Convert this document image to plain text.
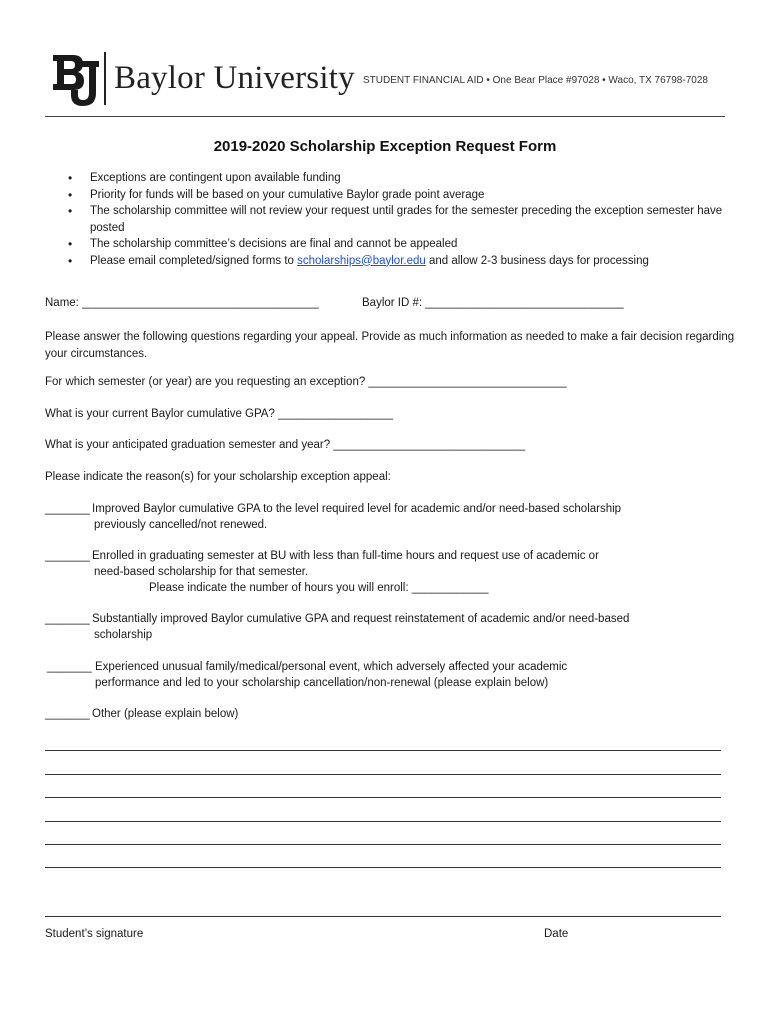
Baylor University STUDENT FINANCIAL AID • One Bear Place #97028 • Waco, TX 76798-7028
2019-2020 Scholarship Exception Request Form
• Exceptions are contingent upon available funding
• Priority for funds will be based on your cumulative Baylor grade point average
• The scholarship committee will not review your request until grades for the semester preceding the exception semester have posted
• The scholarship committee’s decisions are final and cannot be appealed
• Please email completed/signed forms to scholarships@baylor.edu and allow 2-3 business days for processing
Name: _____________________________________	Baylor ID #: _______________________________
Please answer the following questions regarding your appeal. Provide as much information as needed to make a fair decision regarding your circumstances.
For which semester (or year) are you requesting an exception? _______________________________
What is your current Baylor cumulative GPA? __________________
What is your anticipated graduation semester and year? ______________________________
Please indicate the reason(s) for your scholarship exception appeal:
_______ Improved Baylor cumulative GPA to the level required level for academic and/or need-based scholarship
previously cancelled/not renewed.
_______ Enrolled in graduating semester at BU with less than full-time hours and request use of academic or
need-based scholarship for that semester.
Please indicate the number of hours you will enroll: ____________
_______ Substantially improved Baylor cumulative GPA and request reinstatement of academic and/or need-based
scholarship
_______ Experienced unusual family/medical/personal event, which adversely affected your academic
performance and led to your scholarship cancellation/non-renewal (please explain below)
_______ Other (please explain below)
Student’s signature	Date
